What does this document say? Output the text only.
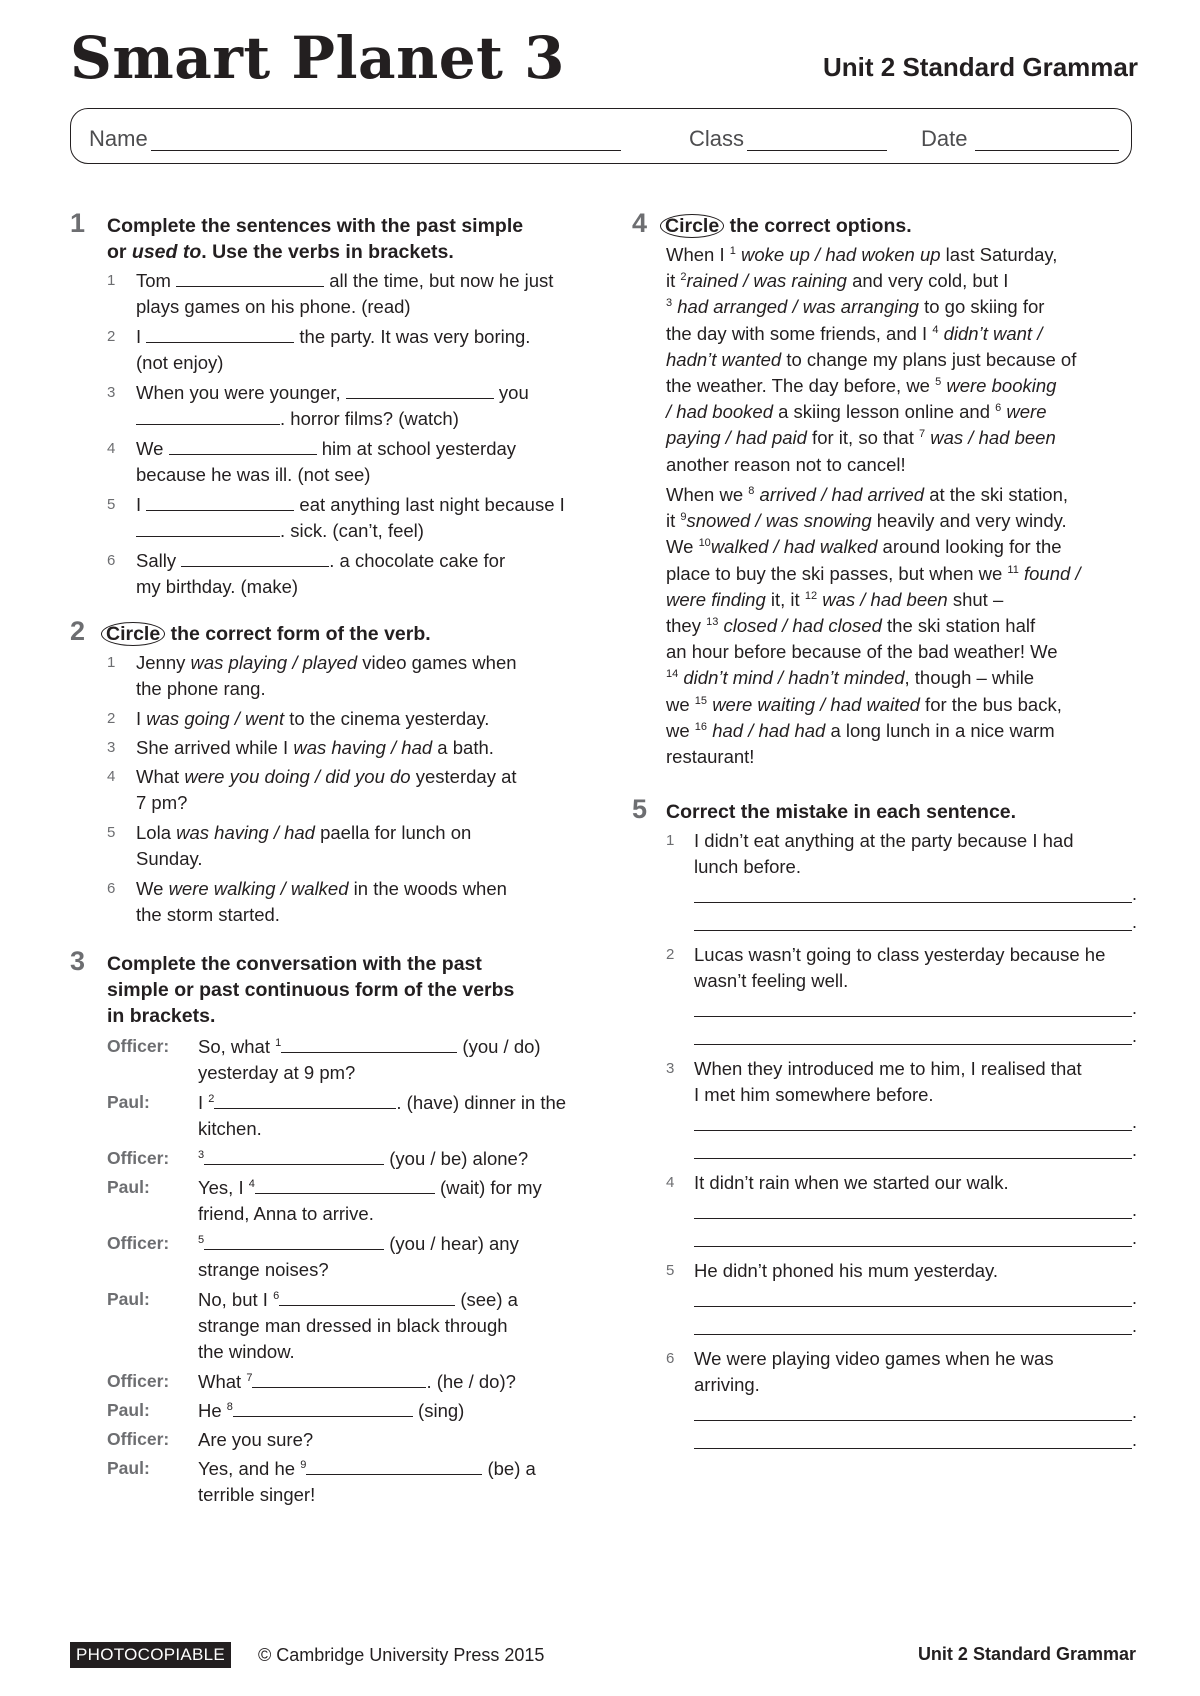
Smart Planet 3	Unit 2 Standard Grammar
Name	Class	Date
1 Complete the sentences with the past simple
or used to. Use the verbs in brackets.
1 Tom	all the time, but now he just
plays games on his phone. (read)
2 I	the party. It was very boring.
(not enjoy)
3 When you were younger,	you
. horror films? (watch)
4 We	him at school yesterday
because he was ill. (not see)
5 I	eat anything last night because I
. sick. (can’t, feel)
6 Sally	. a chocolate cake for
my birthday. (make)
2 Circle the correct form of the verb.
1 Jenny was playing / played video games when
the phone rang.
2 I was going / went to the cinema yesterday.
3 She arrived while I was having / had a bath.
4 What were you doing / did you do yesterday at
7 pm?
5 Lola was having / had paella for lunch on
Sunday.
6 We were walking / walked in the woods when
the storm started.
3 Complete the conversation with the past
simple or past continuous form of the verbs
in brackets.
Officer: So, what $^1$	(you / do)
yesterday at 9 pm?
Paul:	I $^2$	. (have) dinner in the
kitchen.
Officer:	$^3$	(you / be) alone?
Paul:	Yes, I $^4$	(wait) for my
friend, Anna to arrive.
Officer:	$^5$	(you / hear) any
strange noises?
Paul:	No, but I $^6$	(see) a
strange man dressed in black through
the window.
Officer: What $^7$	. (he / do)?
Paul:	He $^8$	(sing)
Officer: Are you sure?
Paul:	Yes, and he $^9$	(be) a
terrible singer!
4 Circle the correct options.
When I $^1$ woke up / had woken up last Saturday,
it $^2$rained / was raining and very cold, but I
$^3$ had arranged / was arranging to go skiing for
the day with some friends, and I $^4$ didn’t want /
hadn’t wanted to change my plans just because of
the weather. The day before, we $^5$ were booking
/ had booked a skiing lesson online and $^6$ were
paying / had paid for it, so that $^7$ was / had been
another reason not to cancel!
When we $^8$ arrived / had arrived at the ski station,
it $^9$snowed / was snowing heavily and very windy.
We $^{10}$walked / had walked around looking for the
place to buy the ski passes, but when we $^{11}$ found /
were finding it, it $^{12}$ was / had been shut –
they $^{13}$ closed / had closed the ski station half
an hour before because of the bad weather! We
$^{14}$ didn’t mind / hadn’t minded, though – while
we $^{15}$ were waiting / had waited for the bus back,
we $^{16}$ had / had had a long lunch in a nice warm
restaurant!
5 Correct the mistake in each sentence.
1 I didn’t eat anything at the party because I had
lunch before.
.
.
2 Lucas wasn’t going to class yesterday because he
wasn’t feeling well.
.
.
3 When they introduced me to him, I realised that
I met him somewhere before.
.
.
4 It didn’t rain when we started our walk.
.
.
5 He didn’t phoned his mum yesterday.
.
.
6 We were playing video games when he was
arriving.
.
.
PHOTOCOPIABLE	© Cambridge University Press 2015	Unit 2 Standard Grammar
